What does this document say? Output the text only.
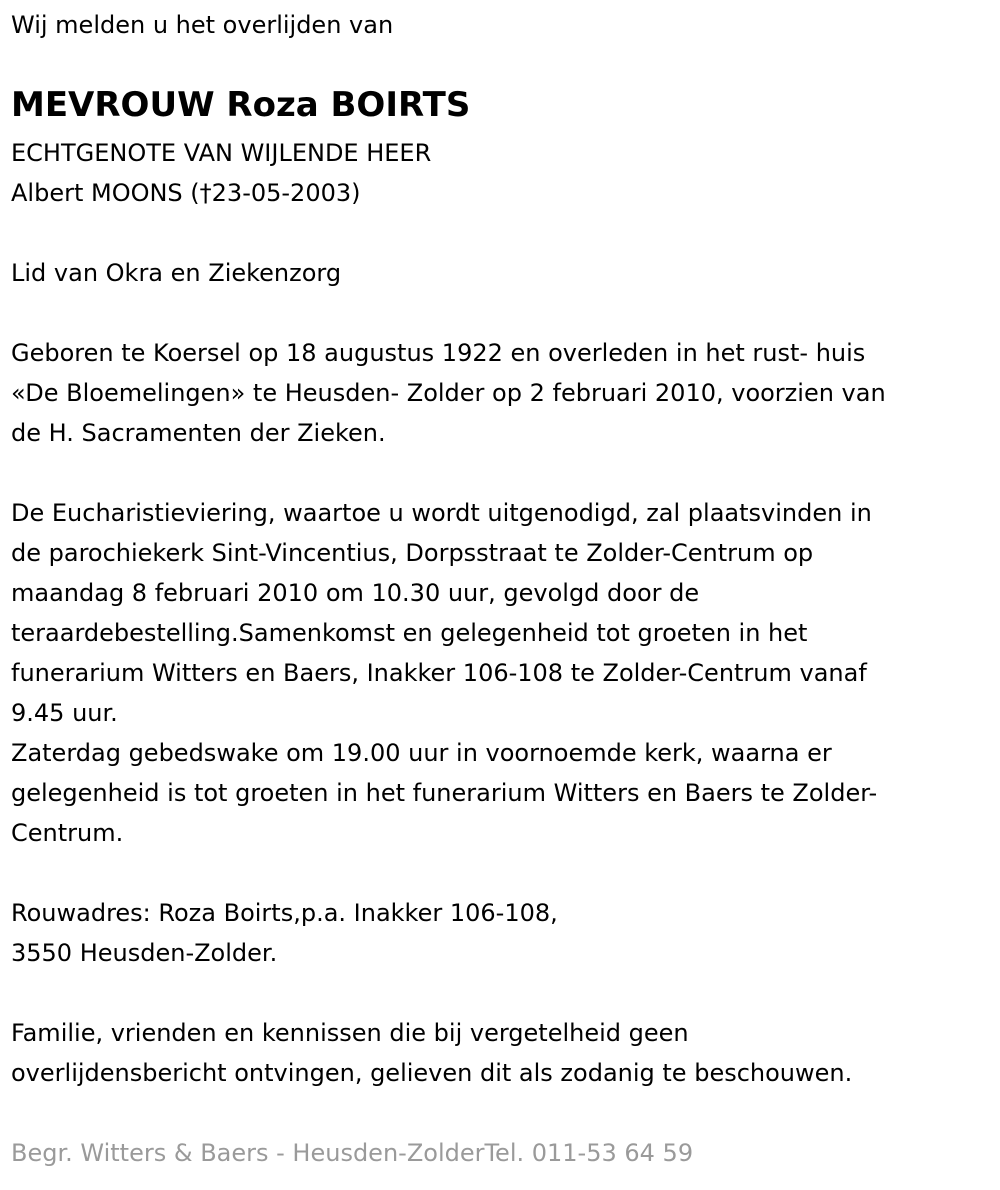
Wij melden u het overlijden van
MEVROUW Roza BOIRTS
ECHTGENOTE VAN WIJLENDE HEER
Albert MOONS (†23-05-2003)
Lid van Okra en Ziekenzorg
Geboren te Koersel op 18 augustus 1922 en overleden in het rust- huis
«De Bloemelingen» te Heusden- Zolder op 2 februari 2010, voorzien van
de H. Sacramenten der Zieken.
De Eucharistieviering, waartoe u wordt uitgenodigd, zal plaatsvinden in
de parochiekerk Sint-Vincentius, Dorpsstraat te Zolder-Centrum op
maandag 8 februari 2010 om 10.30 uur, gevolgd door de
teraardebestelling.Samenkomst en gelegenheid tot groeten in het
funerarium Witters en Baers, Inakker 106-108 te Zolder-Centrum vanaf
9.45 uur.
Zaterdag gebedswake om 19.00 uur in voornoemde kerk, waarna er
gelegenheid is tot groeten in het funerarium Witters en Baers te Zolder-
Centrum.
Rouwadres: Roza Boirts,p.a. Inakker 106-108,
3550 Heusden-Zolder.
Familie, vrienden en kennissen die bij vergetelheid geen
overlijdensbericht ontvingen, gelieven dit als zodanig te beschouwen.
Begr. Witters & Baers - Heusden-ZolderTel. 011-53 64 59
